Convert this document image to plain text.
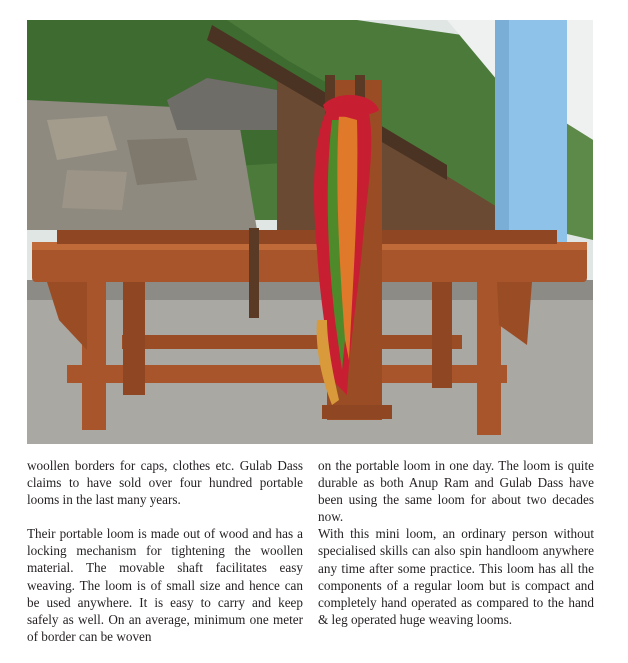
woollen borders for caps, clothes etc. Gulab Dass claims to have sold over four hundred portable looms in the last many years.

Their portable loom is made out of wood and has a locking mechanism for tightening the woollen material. The movable shaft facilitates easy weaving. The loom is of small size and hence can be used anywhere. It is easy to carry and keep safely as well. On an average, minimum one meter of border can be woven

on the portable loom in one day. The loom is quite durable as both Anup Ram and Gulab Dass have been using the same loom for about two decades now.

With this mini loom, an ordinary person without specialised skills can also spin handloom anywhere any time after some practice. This loom has all the components of a regular loom but is compact and completely hand operated as compared to the hand & leg operated huge weaving looms.
